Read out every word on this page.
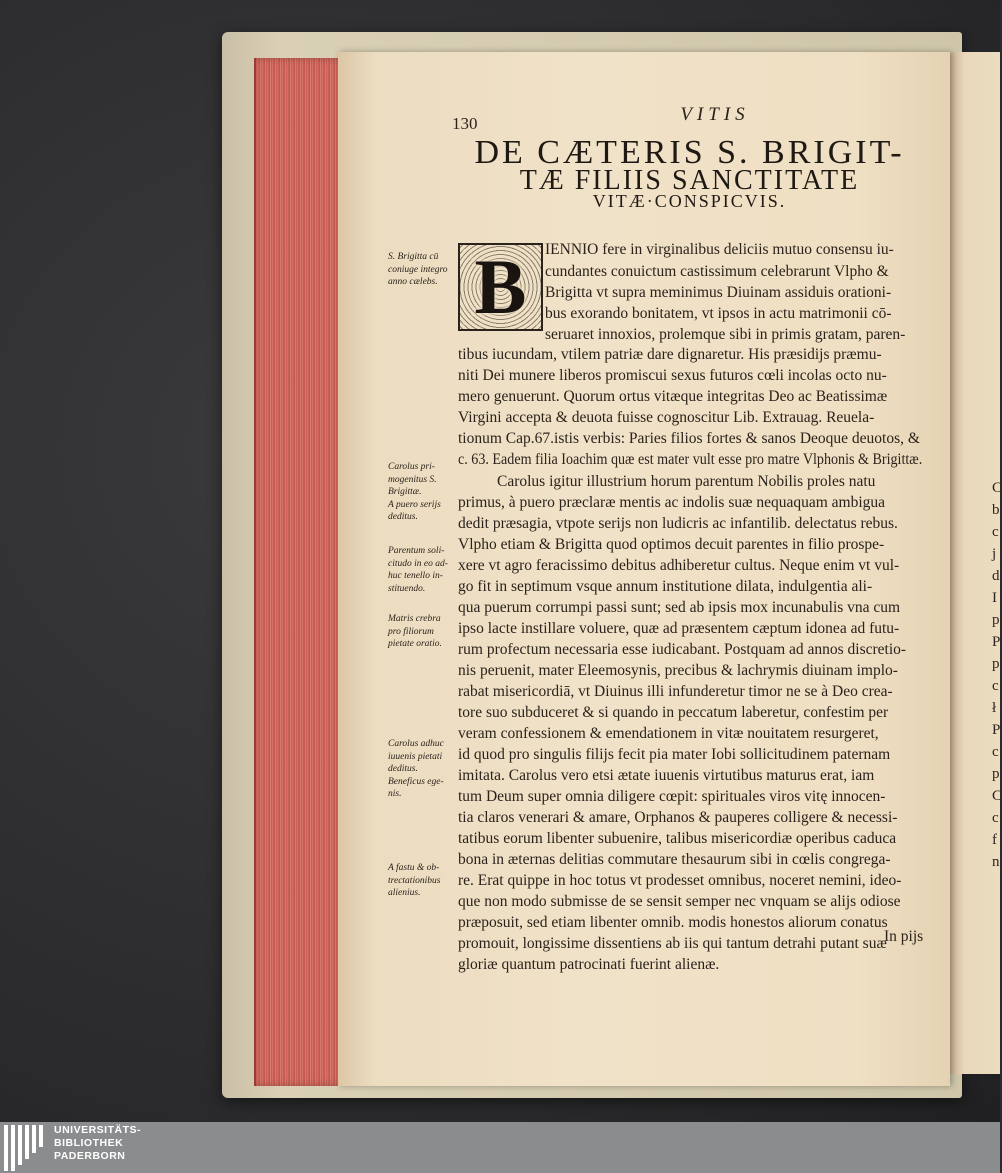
C
b
c
j
d
I
p
P
p
c
ł
P
c
p
C
c
f
n
130	VITIS
DE CÆTERIS S. BRIGIT-
TÆ FILIIS SANCTITATE
VITÆ·CONSPICVIS.
B	IENNIO fere in virginalibus deliciis mutuo consensu iu-
cundantes conuictum castissimum celebrarunt Vlpho &
Brigitta vt supra meminimus Diuinam assiduis orationi-
bus exorando bonitatem, vt ipsos in actu matrimonii cō-
seruaret innoxios, prolemque sibi in primis gratam, paren-
tibus iucundam, vtilem patriæ dare dignaretur. His præsidijs præmu-
niti Dei munere liberos promiscui sexus futuros cœli incolas octo nu-
mero genuerunt. Quorum ortus vitæque integritas Deo ac Beatissimæ
Virgini accepta & deuota fuisse cognoscitur Lib. Extrauag. Reuela-
tionum Cap.67.istis verbis: Paries filios fortes & sanos Deoque deuotos, &
c. 63. Eadem filia Ioachim quæ est mater vult esse pro matre Vlphonis & Brigittæ.
Carolus igitur illustrium horum parentum Nobilis proles natu
primus, à puero præclaræ mentis ac indolis suæ nequaquam ambigua
dedit præsagia, vtpote serijs non ludicris ac infantilib. delectatus rebus.
Vlpho etiam & Brigitta quod optimos decuit parentes in filio prospe-
xere vt agro feracissimo debitus adhiberetur cultus. Neque enim vt vul-
go fit in septimum vsque annum institutione dilata, indulgentia ali-
qua puerum corrumpi passi sunt; sed ab ipsis mox incunabulis vna cum
ipso lacte instillare voluere, quæ ad præsentem cæptum idonea ad futu-
rum profectum necessaria esse iudicabant. Postquam ad annos discretio-
nis peruenit, mater Eleemosynis, precibus & lachrymis diuinam implo-
rabat misericordiā, vt Diuinus illi infunderetur timor ne se à Deo crea-
tore suo subduceret & si quando in peccatum laberetur, confestim per
veram confessionem & emendationem in vitæ nouitatem resurgeret,
id quod pro singulis filijs fecit pia mater Iobi sollicitudinem paternam
imitata. Carolus vero etsi ætate iuuenis virtutibus maturus erat, iam
tum Deum super omnia diligere cœpit: spirituales viros vitę innocen-
tia claros venerari & amare, Orphanos & pauperes colligere & necessi-
tatibus eorum libenter subuenire, talibus misericordiæ operibus caduca
bona in æternas delitias commutare thesaurum sibi in cœlis congrega-
re. Erat quippe in hoc totus vt prodesset omnibus, noceret nemini, ideo-
que non modo submisse de se sensit semper nec vnquam se alijs odiose
præposuit, sed etiam libenter omnib. modis honestos aliorum conatus
promouit, longissime dissentiens ab iis qui tantum detrahi putant suæ
gloriæ quantum patrocinati fuerint alienæ.
S. Brigitta cū
coniuge integro
anno cælebs.
Carolus pri-
mogenitus S.
Brigittæ.
A puero serijs
deditus.
Parentum soli-
citudo in eo ad-
huc tenello in-
stituendo.
Matris crebra
pro filiorum
pietate oratio.
Carolus adhuc
iuuenis pietati
deditus.
Beneficus ege-
nis.
A fastu & ob-
trectationibus
alienius.
In pijs
UNIVERSITÄTS-
BIBLIOTHEK
PADERBORN
